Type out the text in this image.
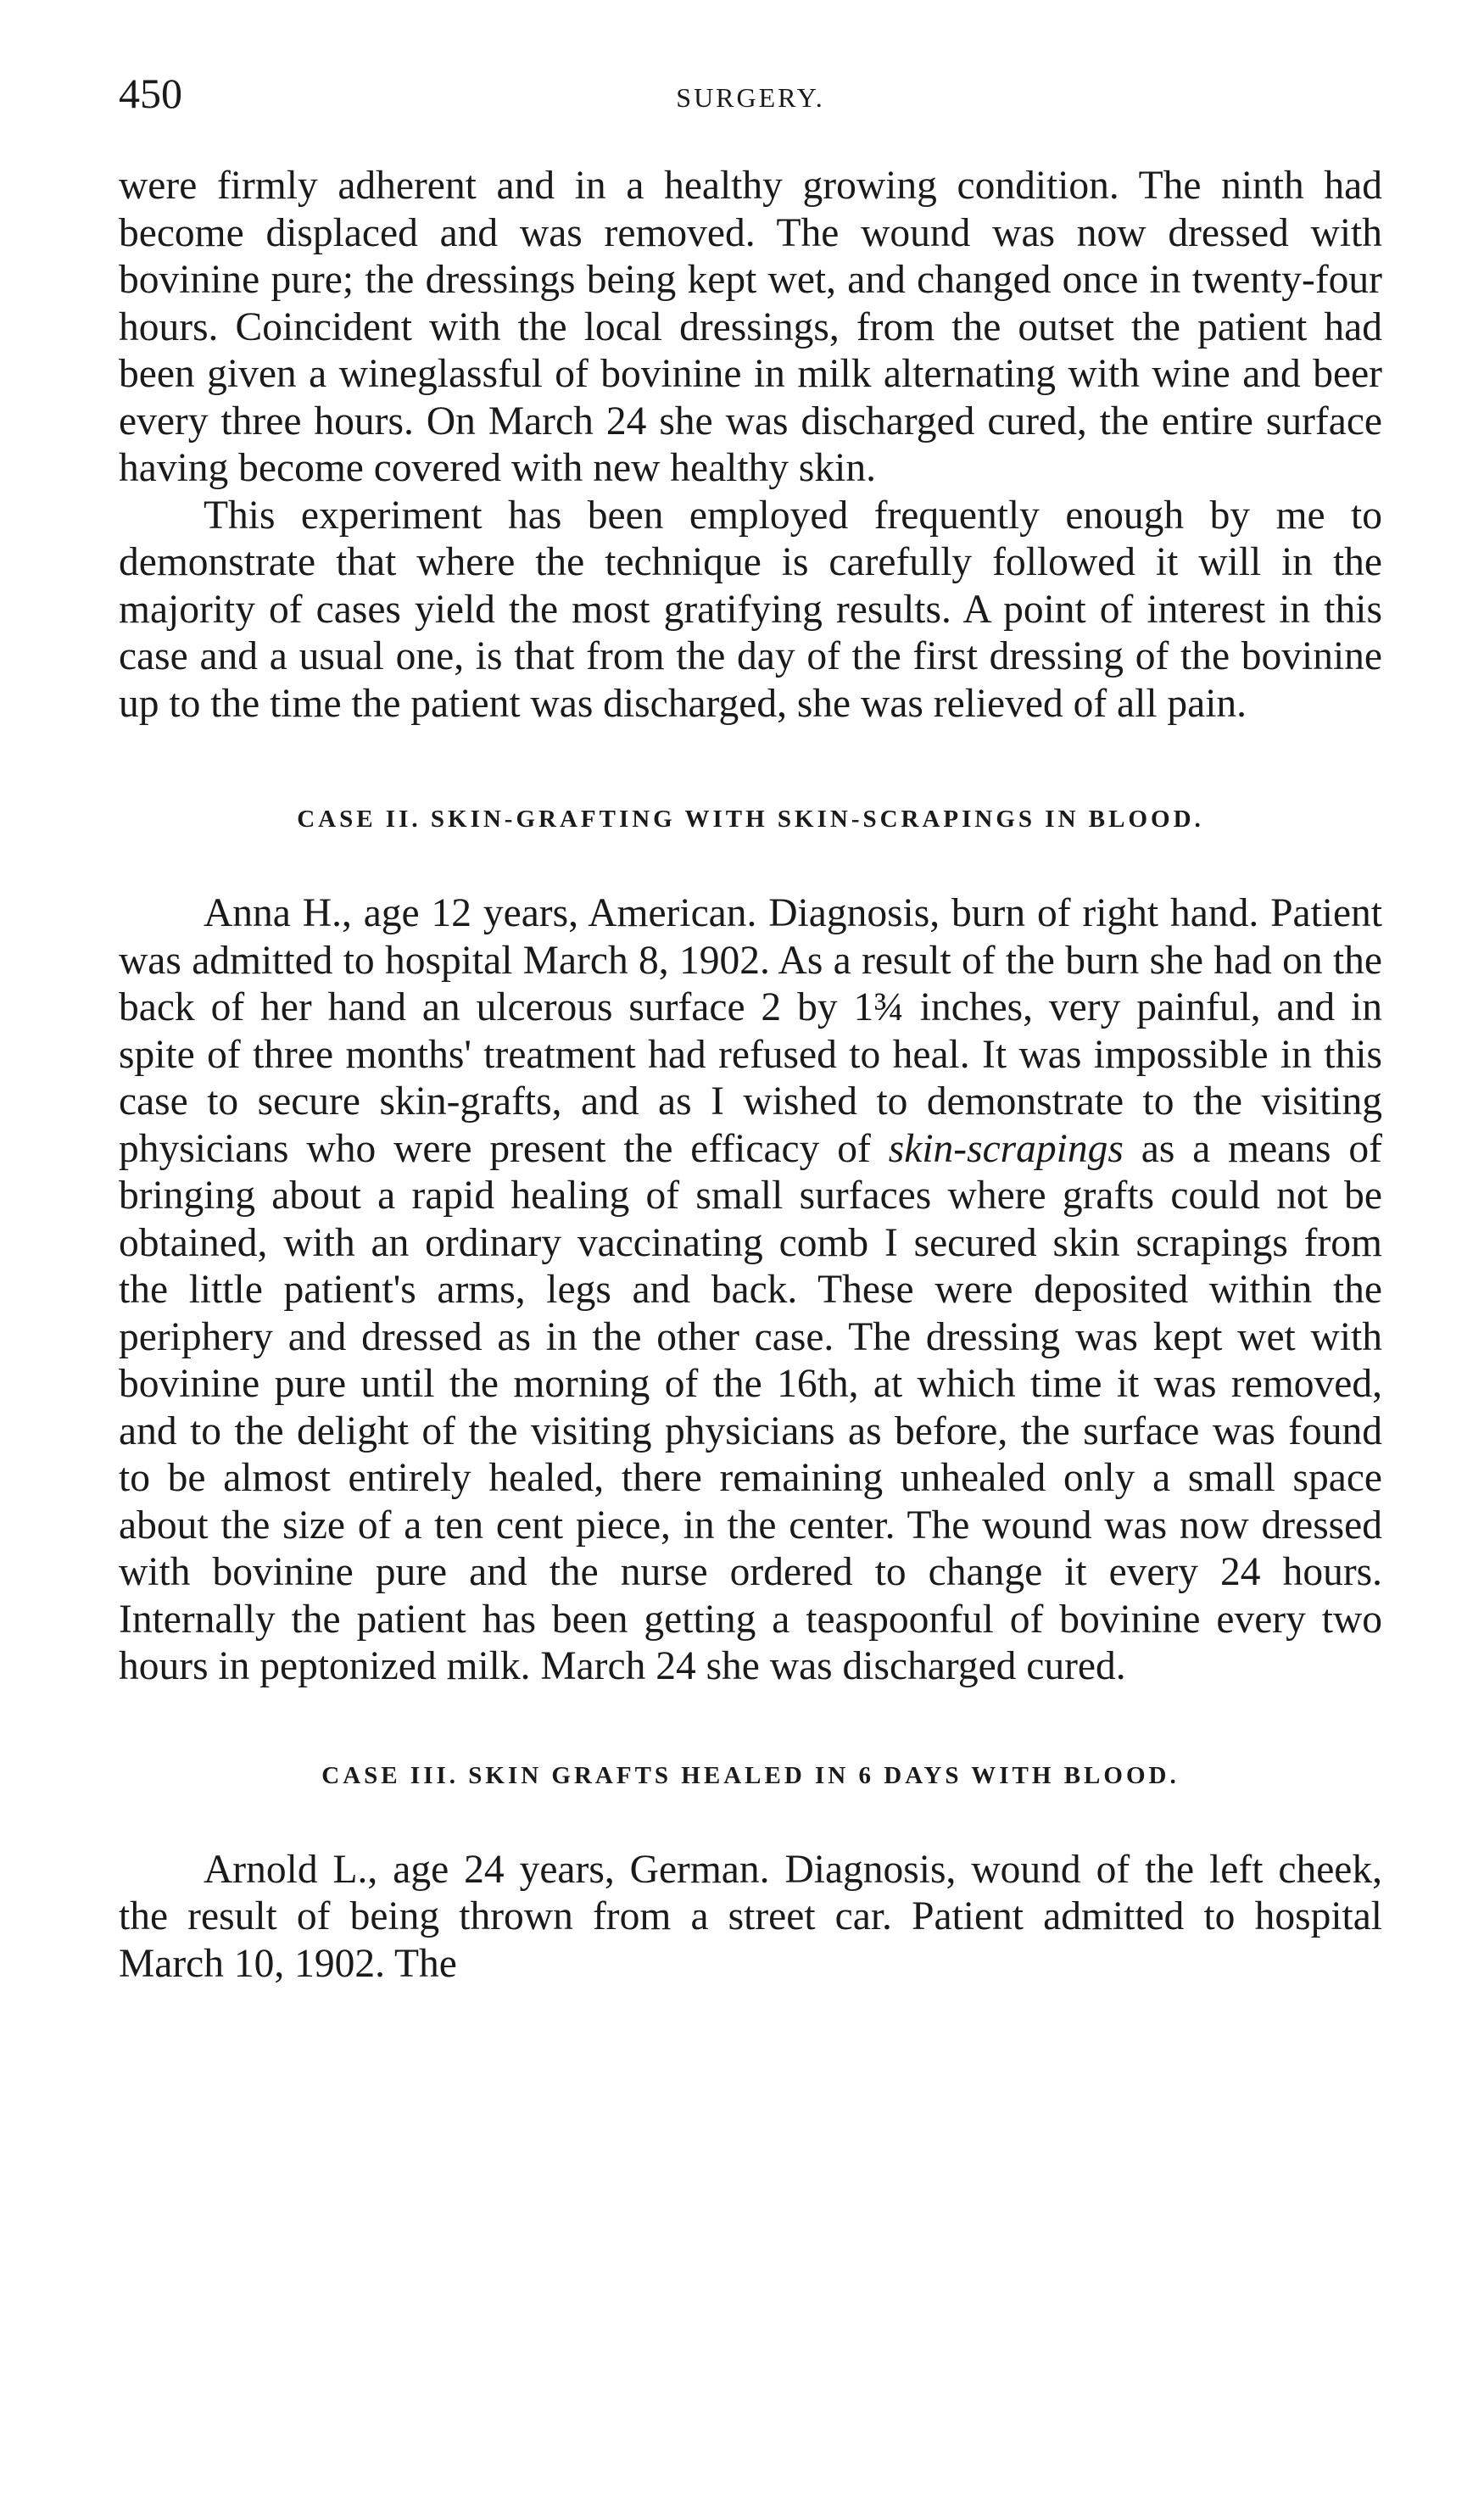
450	SURGERY.

were firmly adherent and in a healthy growing condition. The ninth had become displaced and was removed. The wound was now dressed with bovinine pure; the dressings being kept wet, and changed once in twenty-four hours. Coincident with the local dressings, from the outset the patient had been given a wineglassful of bovinine in milk alternating with wine and beer every three hours. On March 24 she was discharged cured, the entire surface having become covered with new healthy skin.

This experiment has been employed frequently enough by me to demonstrate that where the technique is carefully followed it will in the majority of cases yield the most gratifying results. A point of interest in this case and a usual one, is that from the day of the first dressing of the bovinine up to the time the patient was discharged, she was relieved of all pain.

CASE II. SKIN-GRAFTING WITH SKIN-SCRAPINGS IN BLOOD.

Anna H., age 12 years, American. Diagnosis, burn of right hand. Patient was admitted to hospital March 8, 1902. As a result of the burn she had on the back of her hand an ulcerous surface 2 by 1¾ inches, very painful, and in spite of three months' treatment had refused to heal. It was impossible in this case to secure skin-grafts, and as I wished to demonstrate to the visiting physicians who were present the efficacy of skin-scrapings as a means of bringing about a rapid healing of small surfaces where grafts could not be obtained, with an ordinary vaccinating comb I secured skin scrapings from the little patient's arms, legs and back. These were deposited within the periphery and dressed as in the other case. The dressing was kept wet with bovinine pure until the morning of the 16th, at which time it was removed, and to the delight of the visiting physicians as before, the surface was found to be almost entirely healed, there remaining unhealed only a small space about the size of a ten cent piece, in the center. The wound was now dressed with bovinine pure and the nurse ordered to change it every 24 hours. Internally the patient has been getting a teaspoonful of bovinine every two hours in peptonized milk. March 24 she was discharged cured.

CASE III. SKIN GRAFTS HEALED IN 6 DAYS WITH BLOOD.

Arnold L., age 24 years, German. Diagnosis, wound of the left cheek, the result of being thrown from a street car. Patient admitted to hospital March 10, 1902. The
